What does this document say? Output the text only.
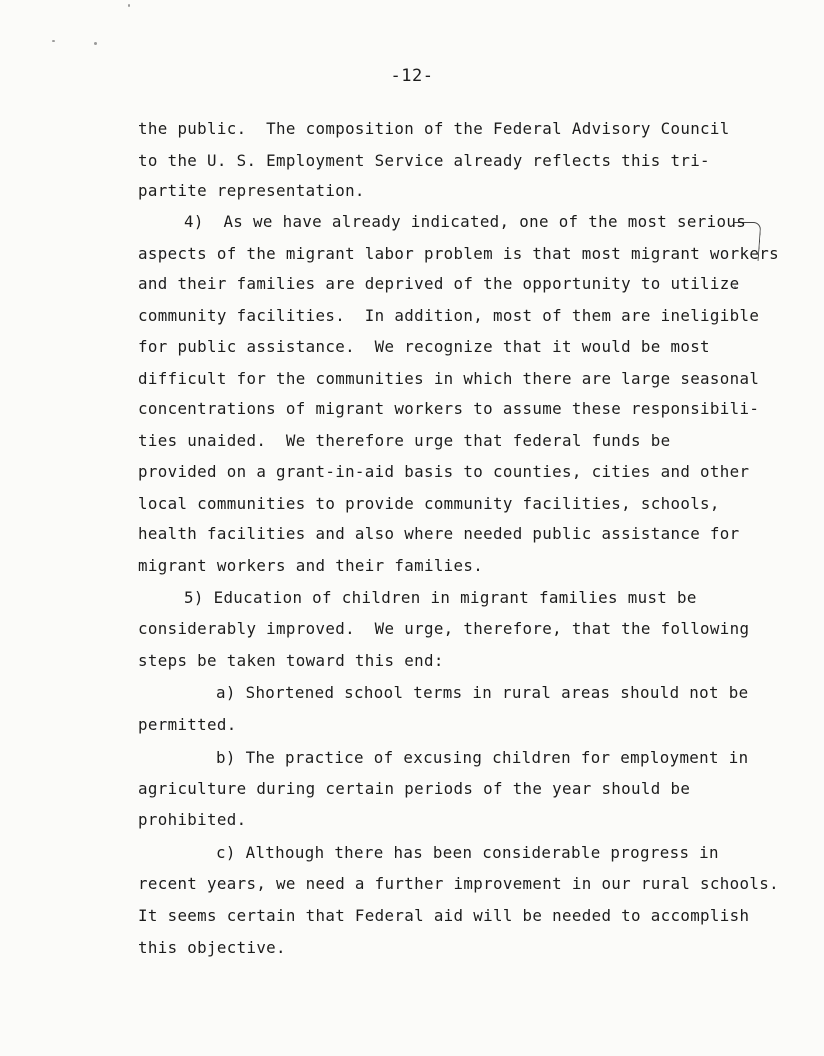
-12-
the public.  The composition of the Federal Advisory Council
to the U. S. Employment Service already reflects this tri-
partite representation.
4)  As we have already indicated, one of the most serious
aspects of the migrant labor problem is that most migrant workers
and their families are deprived of the opportunity to utilize
community facilities.  In addition, most of them are ineligible
for public assistance.  We recognize that it would be most
difficult for the communities in which there are large seasonal
concentrations of migrant workers to assume these responsibili-
ties unaided.  We therefore urge that federal funds be
provided on a grant-in-aid basis to counties, cities and other
local communities to provide community facilities, schools,
health facilities and also where needed public assistance for
migrant workers and their families.
5) Education of children in migrant families must be
considerably improved.  We urge, therefore, that the following
steps be taken toward this end:
a) Shortened school terms in rural areas should not be
permitted.
b) The practice of excusing children for employment in
agriculture during certain periods of the year should be
prohibited.
c) Although there has been considerable progress in
recent years, we need a further improvement in our rural schools.
It seems certain that Federal aid will be needed to accomplish
this objective.
